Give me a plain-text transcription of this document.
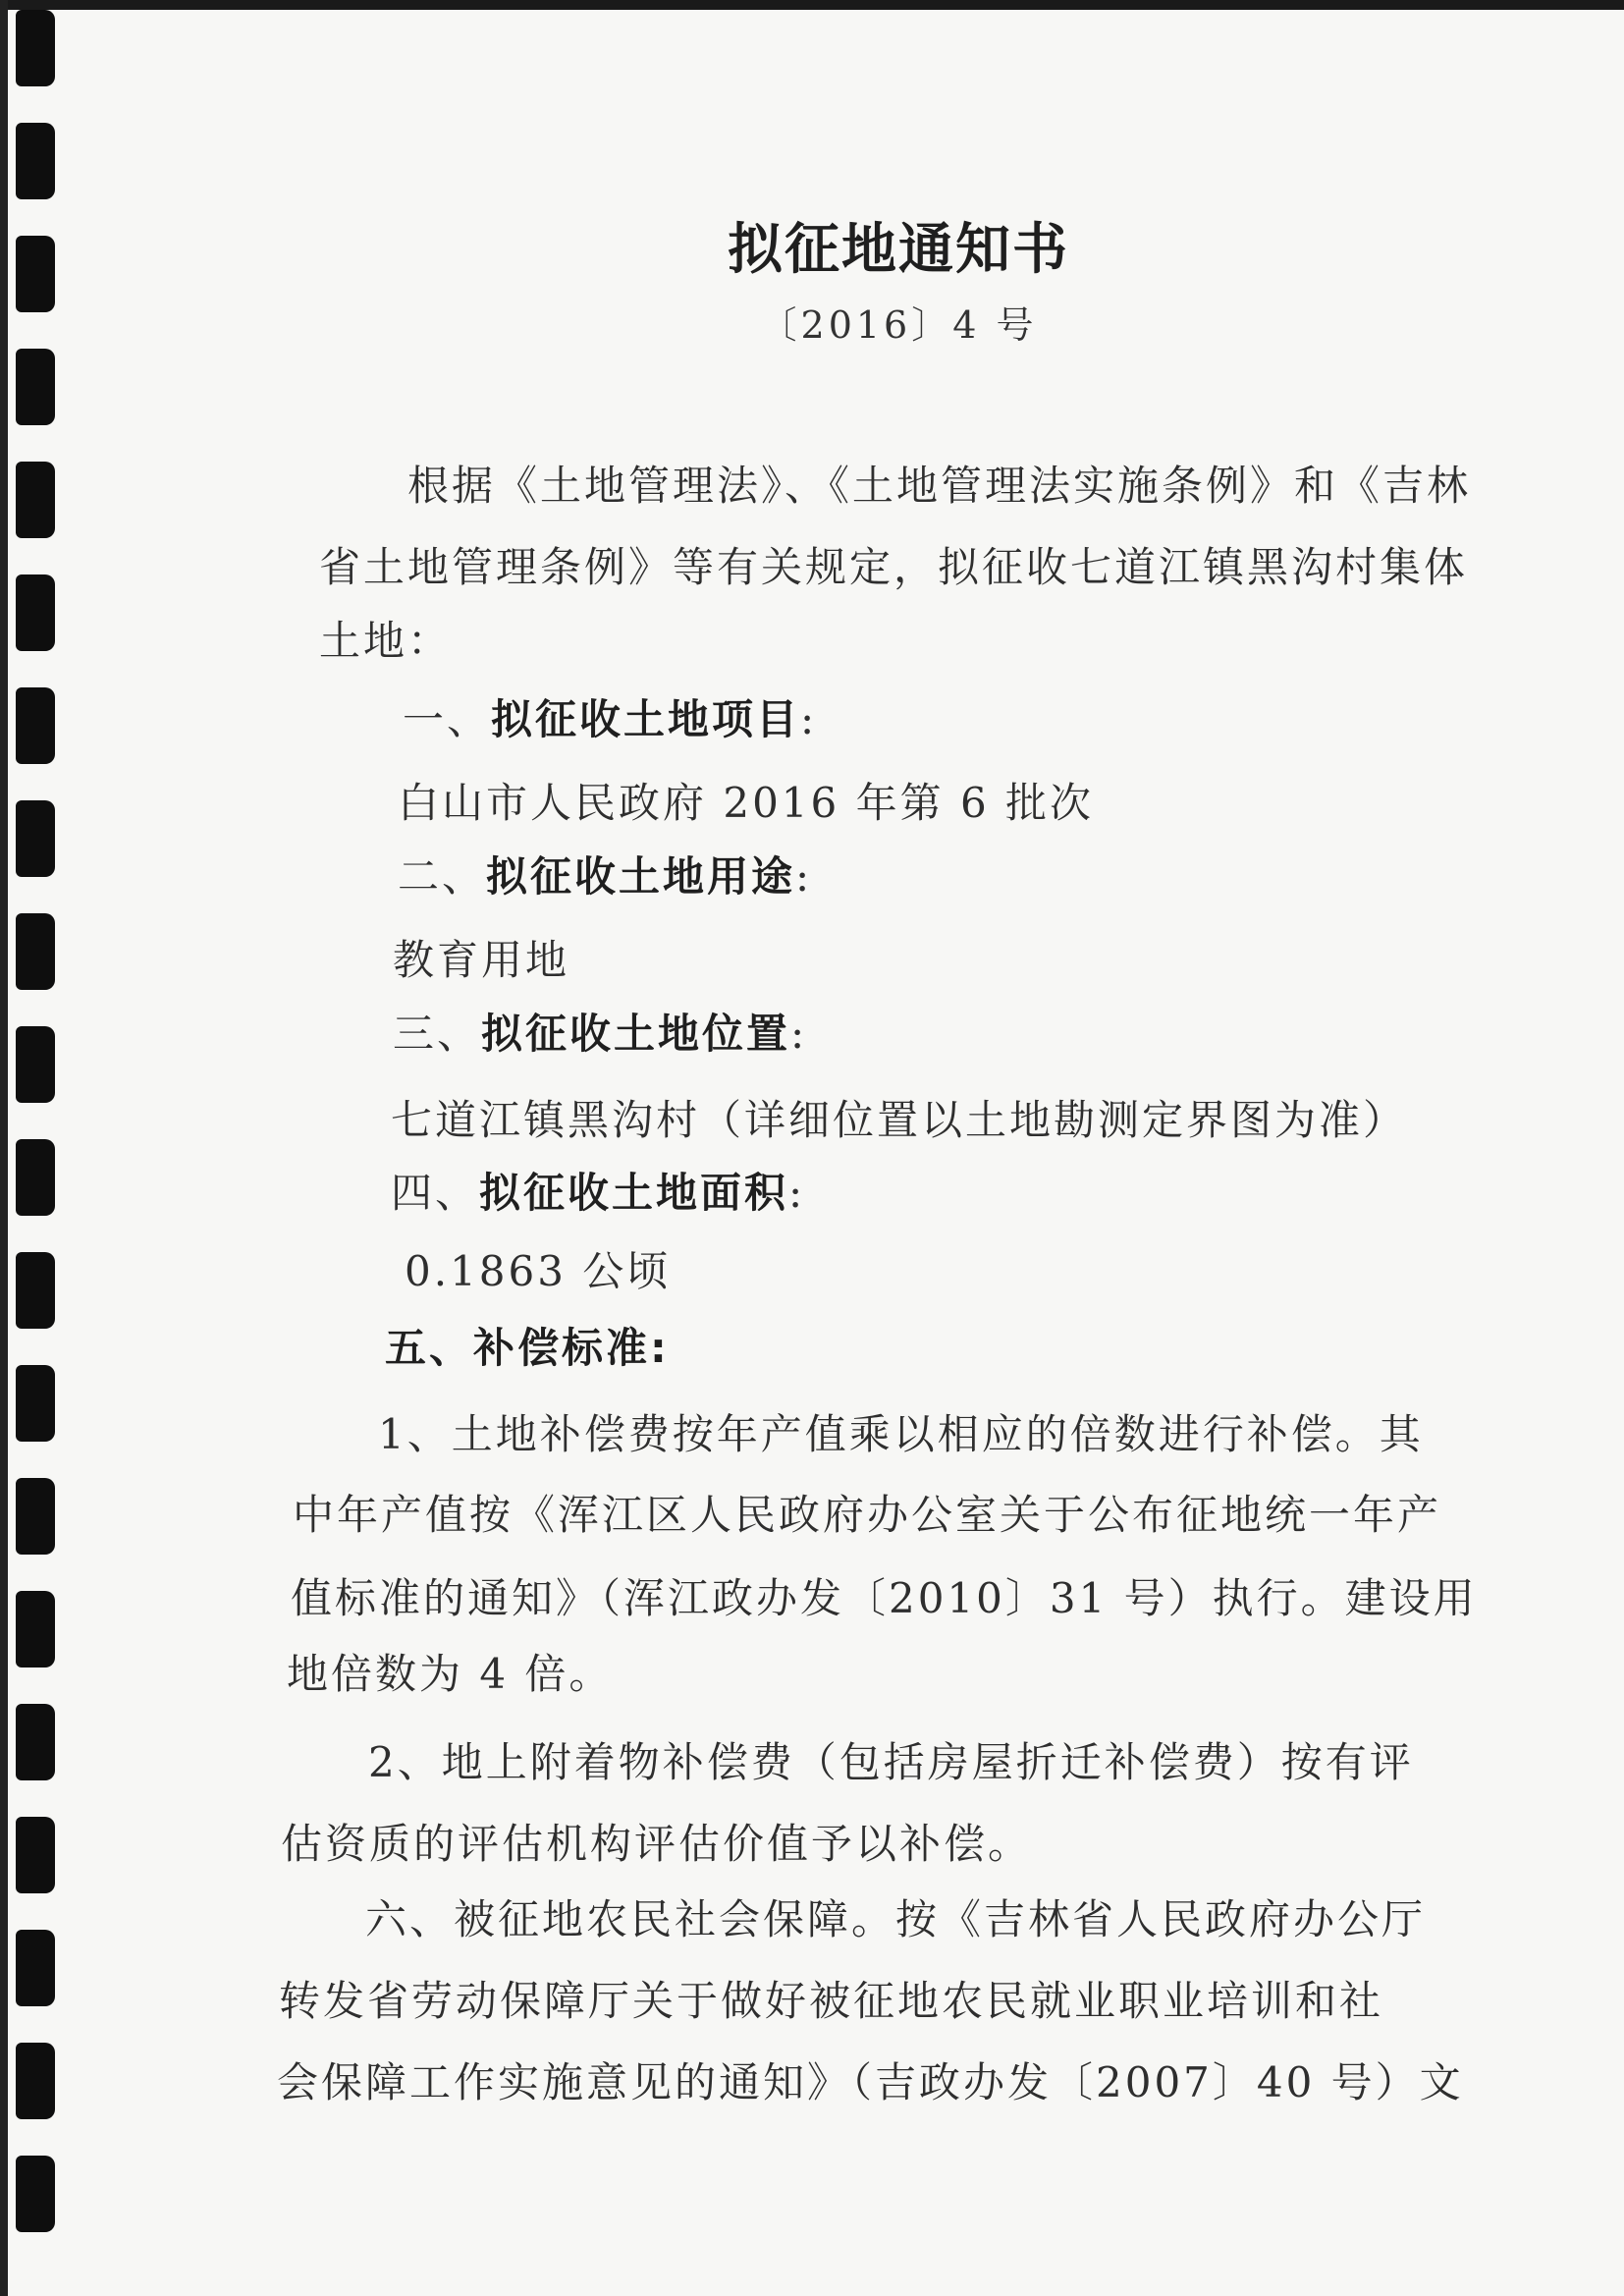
拟征地通知书
〔2016〕4 号
根据《土地管理法》、《土地管理法实施条例》和《吉林
省土地管理条例》等有关规定，拟征收七道江镇黑沟村集体
土地：
一、拟征收土地项目:
白山市人民政府 2016 年第 6 批次
二、拟征收土地用途:
教育用地
三、拟征收土地位置:
七道江镇黑沟村（详细位置以土地勘测定界图为准）
四、拟征收土地面积:
0.1863 公顷
五、补偿标准:
1、土地补偿费按年产值乘以相应的倍数进行补偿。其
中年产值按《浑江区人民政府办公室关于公布征地统一年产
值标准的通知》（浑江政办发〔2010〕31 号）执行。建设用
地倍数为 4 倍。
2、地上附着物补偿费（包括房屋折迁补偿费）按有评
估资质的评估机构评估价值予以补偿。
六、被征地农民社会保障。按《吉林省人民政府办公厅
转发省劳动保障厅关于做好被征地农民就业职业培训和社
会保障工作实施意见的通知》（吉政办发〔2007〕40 号）文
